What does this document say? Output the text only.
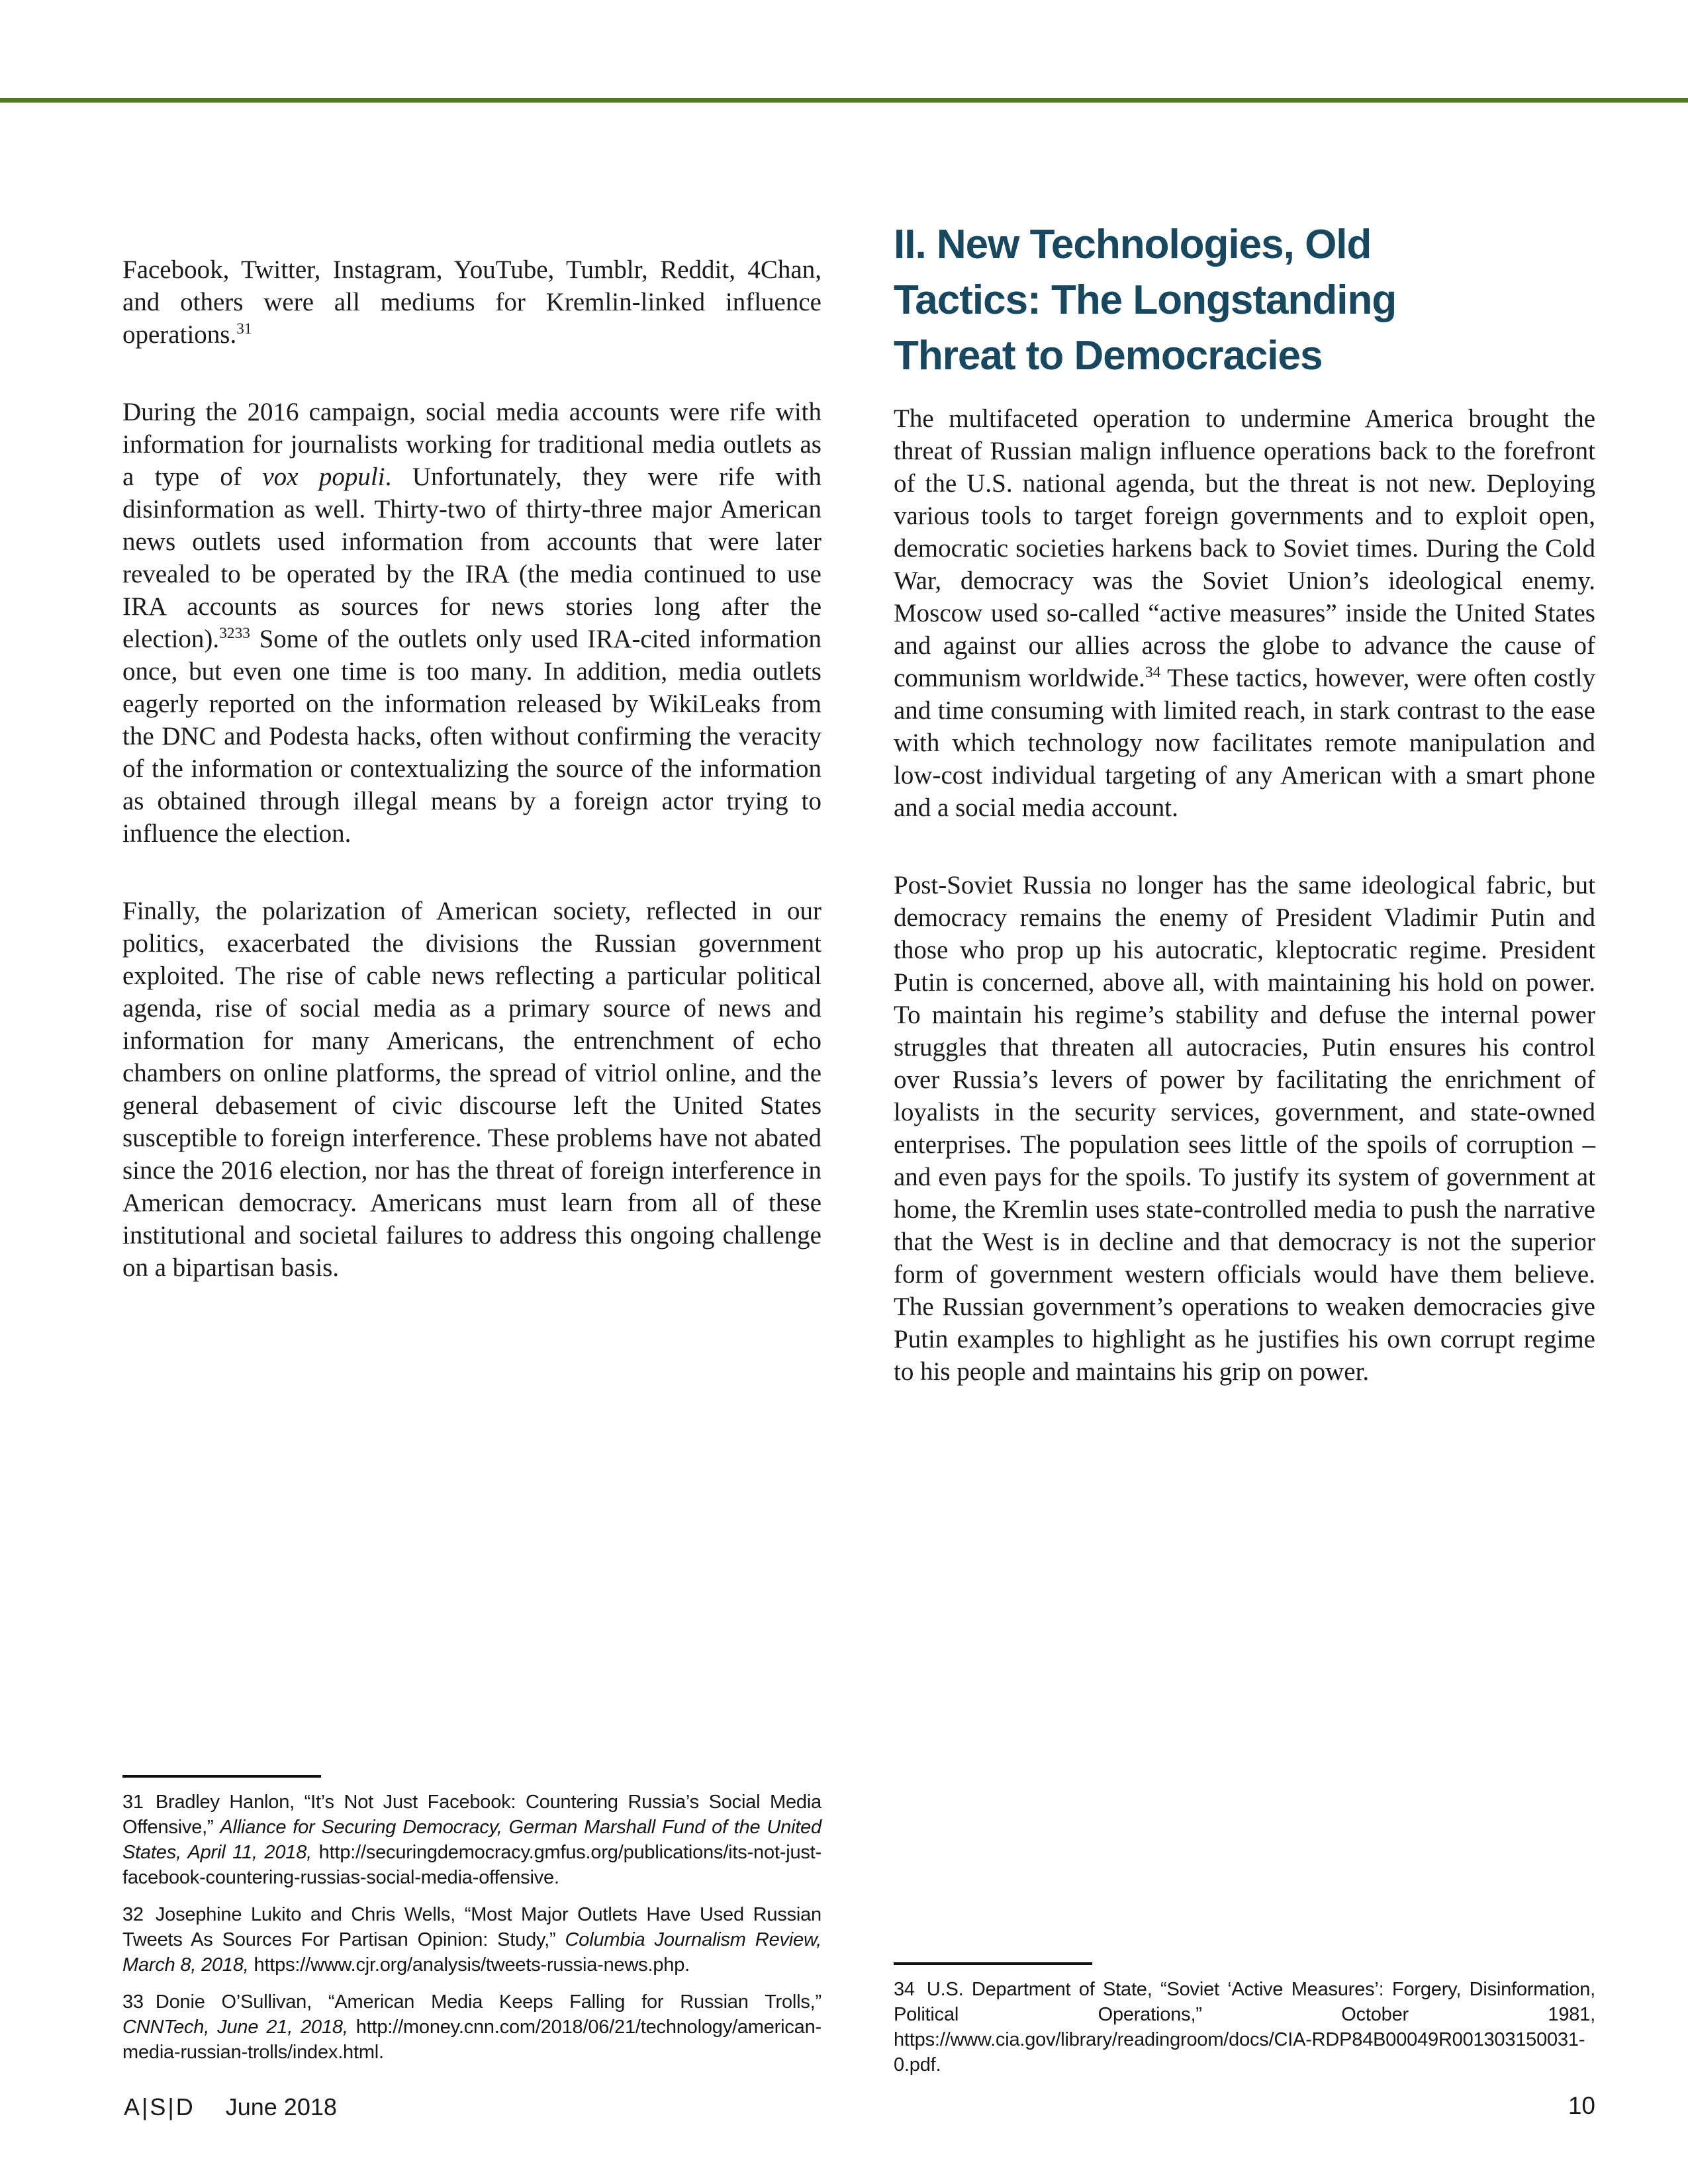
Facebook, Twitter, Instagram, YouTube, Tumblr, Reddit, 4Chan, and others were all mediums for Kremlin-linked influence operations.$^{31}$

During the 2016 campaign, social media accounts were rife with information for journalists working for traditional media outlets as a type of vox populi. Unfortunately, they were rife with disinformation as well. Thirty-two of thirty-three major American news outlets used information from accounts that were later revealed to be operated by the IRA (the media continued to use IRA accounts as sources for news stories long after the election).$^{3233}$ Some of the outlets only used IRA-cited information once, but even one time is too many. In addition, media outlets eagerly reported on the information released by WikiLeaks from the DNC and Podesta hacks, often without confirming the veracity of the information or contextualizing the source of the information as obtained through illegal means by a foreign actor trying to influence the election.

Finally, the polarization of American society, reflected in our politics, exacerbated the divisions the Russian government exploited. The rise of cable news reflecting a particular political agenda, rise of social media as a primary source of news and information for many Americans, the entrenchment of echo chambers on online platforms, the spread of vitriol online, and the general debasement of civic discourse left the United States susceptible to foreign interference. These problems have not abated since the 2016 election, nor has the threat of foreign interference in American democracy. Americans must learn from all of these institutional and societal failures to address this ongoing challenge on a bipartisan basis.

II. New Technologies, Old
Tactics: The Longstanding
Threat to Democracies

The multifaceted operation to undermine America brought the threat of Russian malign influence operations back to the forefront of the U.S. national agenda, but the threat is not new. Deploying various tools to target foreign governments and to exploit open, democratic societies harkens back to Soviet times. During the Cold War, democracy was the Soviet Union’s ideological enemy. Moscow used so-called “active measures” inside the United States and against our allies across the globe to advance the cause of communism worldwide.$^{34}$ These tactics, however, were often costly and time consuming with limited reach, in stark contrast to the ease with which technology now facilitates remote manipulation and low-cost individual targeting of any American with a smart phone and a social media account.

Post-Soviet Russia no longer has the same ideological fabric, but democracy remains the enemy of President Vladimir Putin and those who prop up his autocratic, kleptocratic regime. President Putin is concerned, above all, with maintaining his hold on power. To maintain his regime’s stability and defuse the internal power struggles that threaten all autocracies, Putin ensures his control over Russia’s levers of power by facilitating the enrichment of loyalists in the security services, government, and state-owned enterprises. The population sees little of the spoils of corruption – and even pays for the spoils. To justify its system of government at home, the Kremlin uses state-controlled media to push the narrative that the West is in decline and that democracy is not the superior form of government western officials would have them believe. The Russian government’s operations to weaken democracies give Putin examples to highlight as he justifies his own corrupt regime to his people and maintains his grip on power.

31 Bradley Hanlon, “It’s Not Just Facebook: Countering Russia’s Social Media Offensive,” Alliance for Securing Democracy, German Marshall Fund of the United States, April 11, 2018, http://securingdemocracy.gmfus.org/publications/its-not-just-facebook-countering-russias-social-media-offensive.

32 Josephine Lukito and Chris Wells, “Most Major Outlets Have Used Russian Tweets As Sources For Partisan Opinion: Study,” Columbia Journalism Review, March 8, 2018, https://www.cjr.org/analysis/tweets-russia-news.php.

33 Donie O’Sullivan, “American Media Keeps Falling for Russian Trolls,” CNNTech, June 21, 2018, http://money.cnn.com/2018/06/21/technology/american-media-russian-trolls/index.html.

34 U.S. Department of State, “Soviet ‘Active Measures’: Forgery, Disinformation, Political Operations,” October 1981, https://www.cia.gov/library/readingroom/docs/CIA-RDP84B00049R001303150031-0.pdf.

A|S|D June 2018	10
